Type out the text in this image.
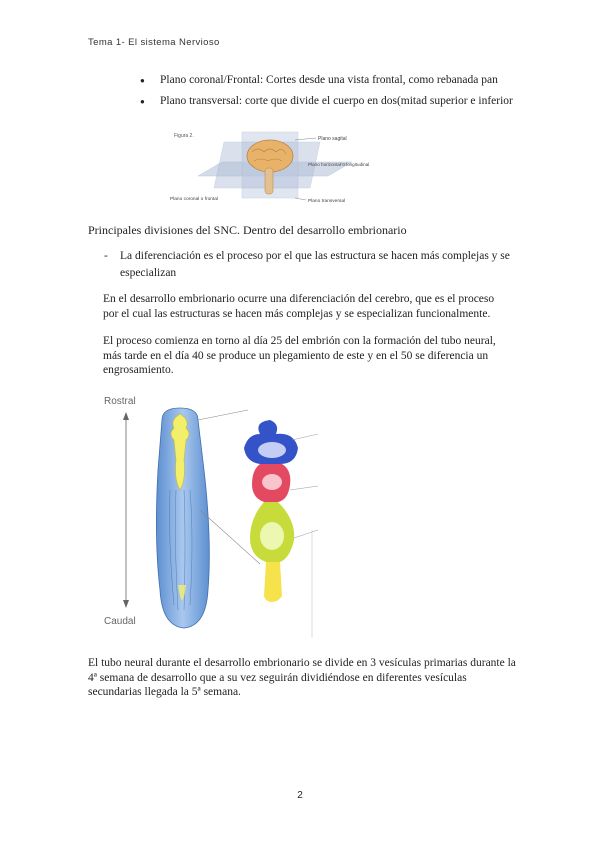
Tema 1- El sistema Nervioso
● Plano coronal/Frontal: Cortes desde una vista frontal, como rebanada pan
● Plano transversal: corte que divide el cuerpo en dos(mitad superior e inferior
Figura 2.	Plano sagital
Plano horizontal o longitudinal
Plano coronal o frontal	Plano transversal
Principales divisiones del SNC. Dentro del desarrollo embrionario
- La diferenciación es el proceso por el que las estructura se hacen más complejas y se especializan

En el desarrollo embrionario ocurre una diferenciación del cerebro, que es el proceso por el cual las estructuras se hacen más complejas y se especializan funcionalmente.

El proceso comienza en torno al día 25 del embrión con la formación del tubo neural, más tarde en el día 40 se produce un plegamiento de este y en el 50 se diferencia un engrosamiento.

Rostral
Caudal

El tubo neural durante el desarrollo embrionario se divide en 3 vesículas primarias durante la 4ª semana de desarrollo que a su vez seguirán dividiéndose en diferentes vesículas secundarias llegada la 5ª semana.

2
